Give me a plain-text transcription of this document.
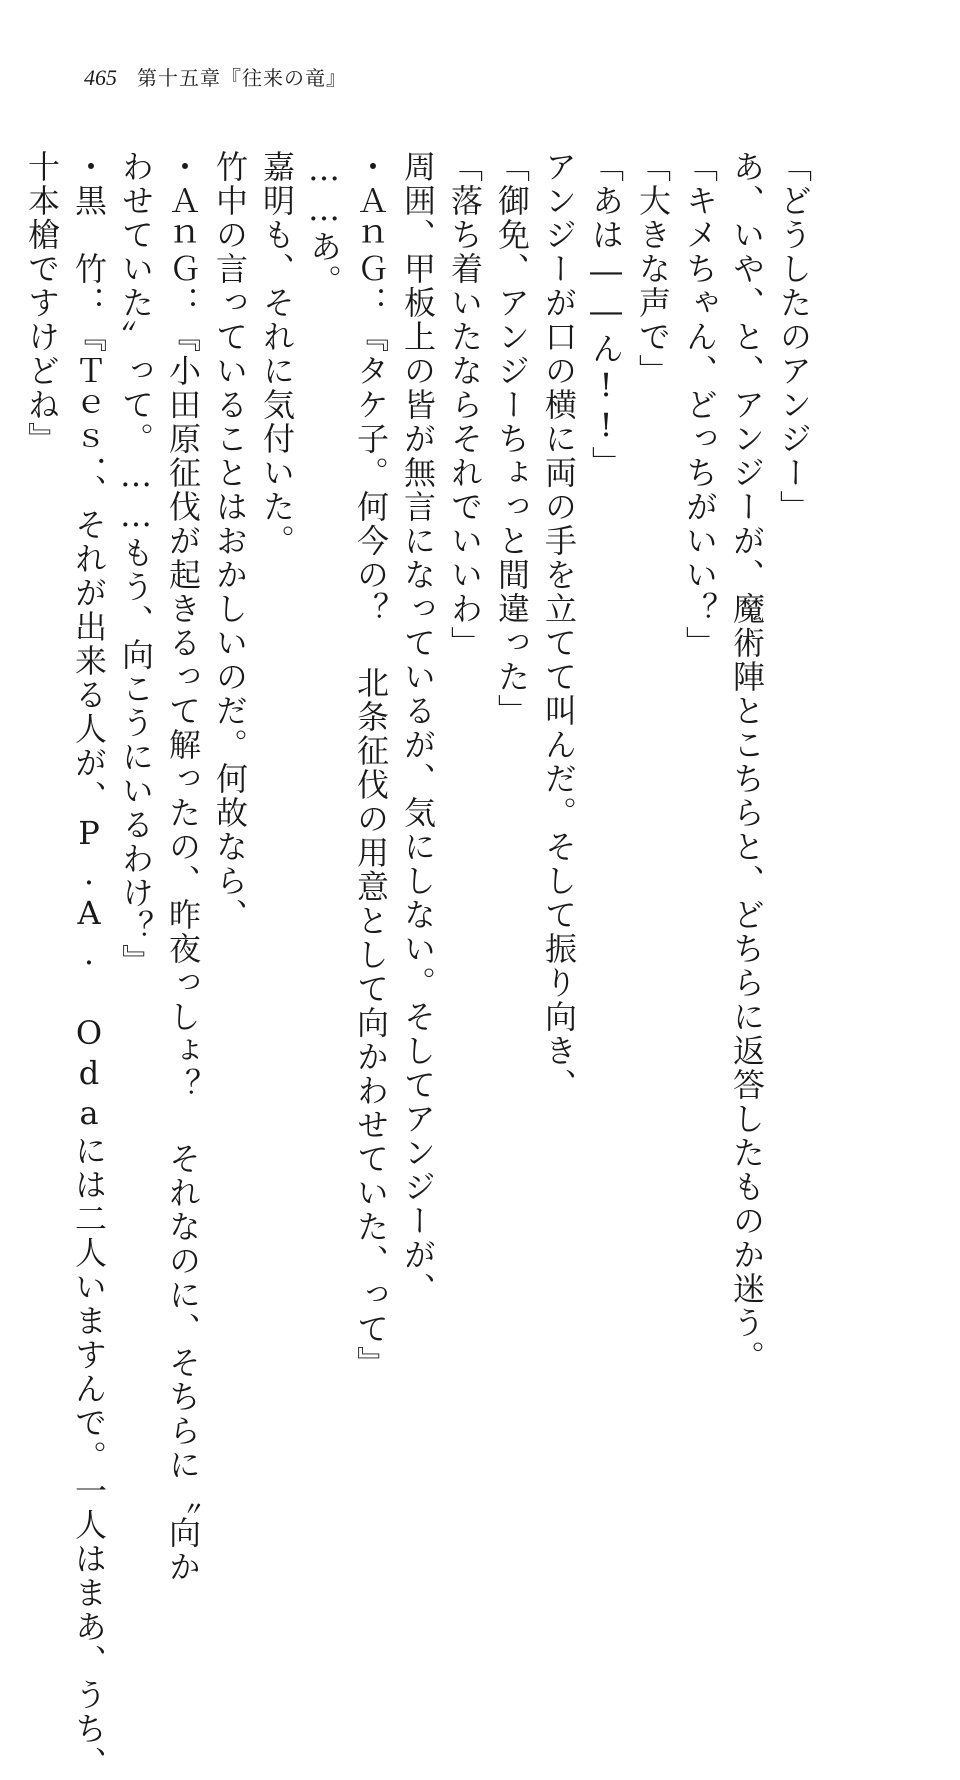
465 第十五章『往来の竜』
「どうしたのアンジー」
あ、いや、と、アンジーが、魔術陣とこちらと、どちらに返答したものか迷う。
「キメちゃん、どっちがいい？」
「大きな声で」
「あは――ん!!」
アンジーが口の横に両の手を立てて叫んだ。そして振り向き、
「御免、アンジーちょっと間違った」
「落ち着いたならそれでいいわ」
周囲、甲板上の皆が無言になっているが、気にしない。そしてアンジーが、
・ＡｎＧ：『タケ子。何今の？ 北条征伐の用意として向かわせていた、って』
……あ。
嘉明も、それに気付いた。
竹中の言っていることはおかしいのだ。何故なら、
・ＡｎＧ：『小田原征伐が起きるって解ったの、昨夜っしょ？ それなのに、そちらに〝向か
わせていた〟って。……もう、向こうにいるわけ？』
・黒　竹：『Ｔｅｓ．、それが出来る人が、P.A. Odaには二人いますんで。一人はまあ、うち、
十本槍ですけどね』
